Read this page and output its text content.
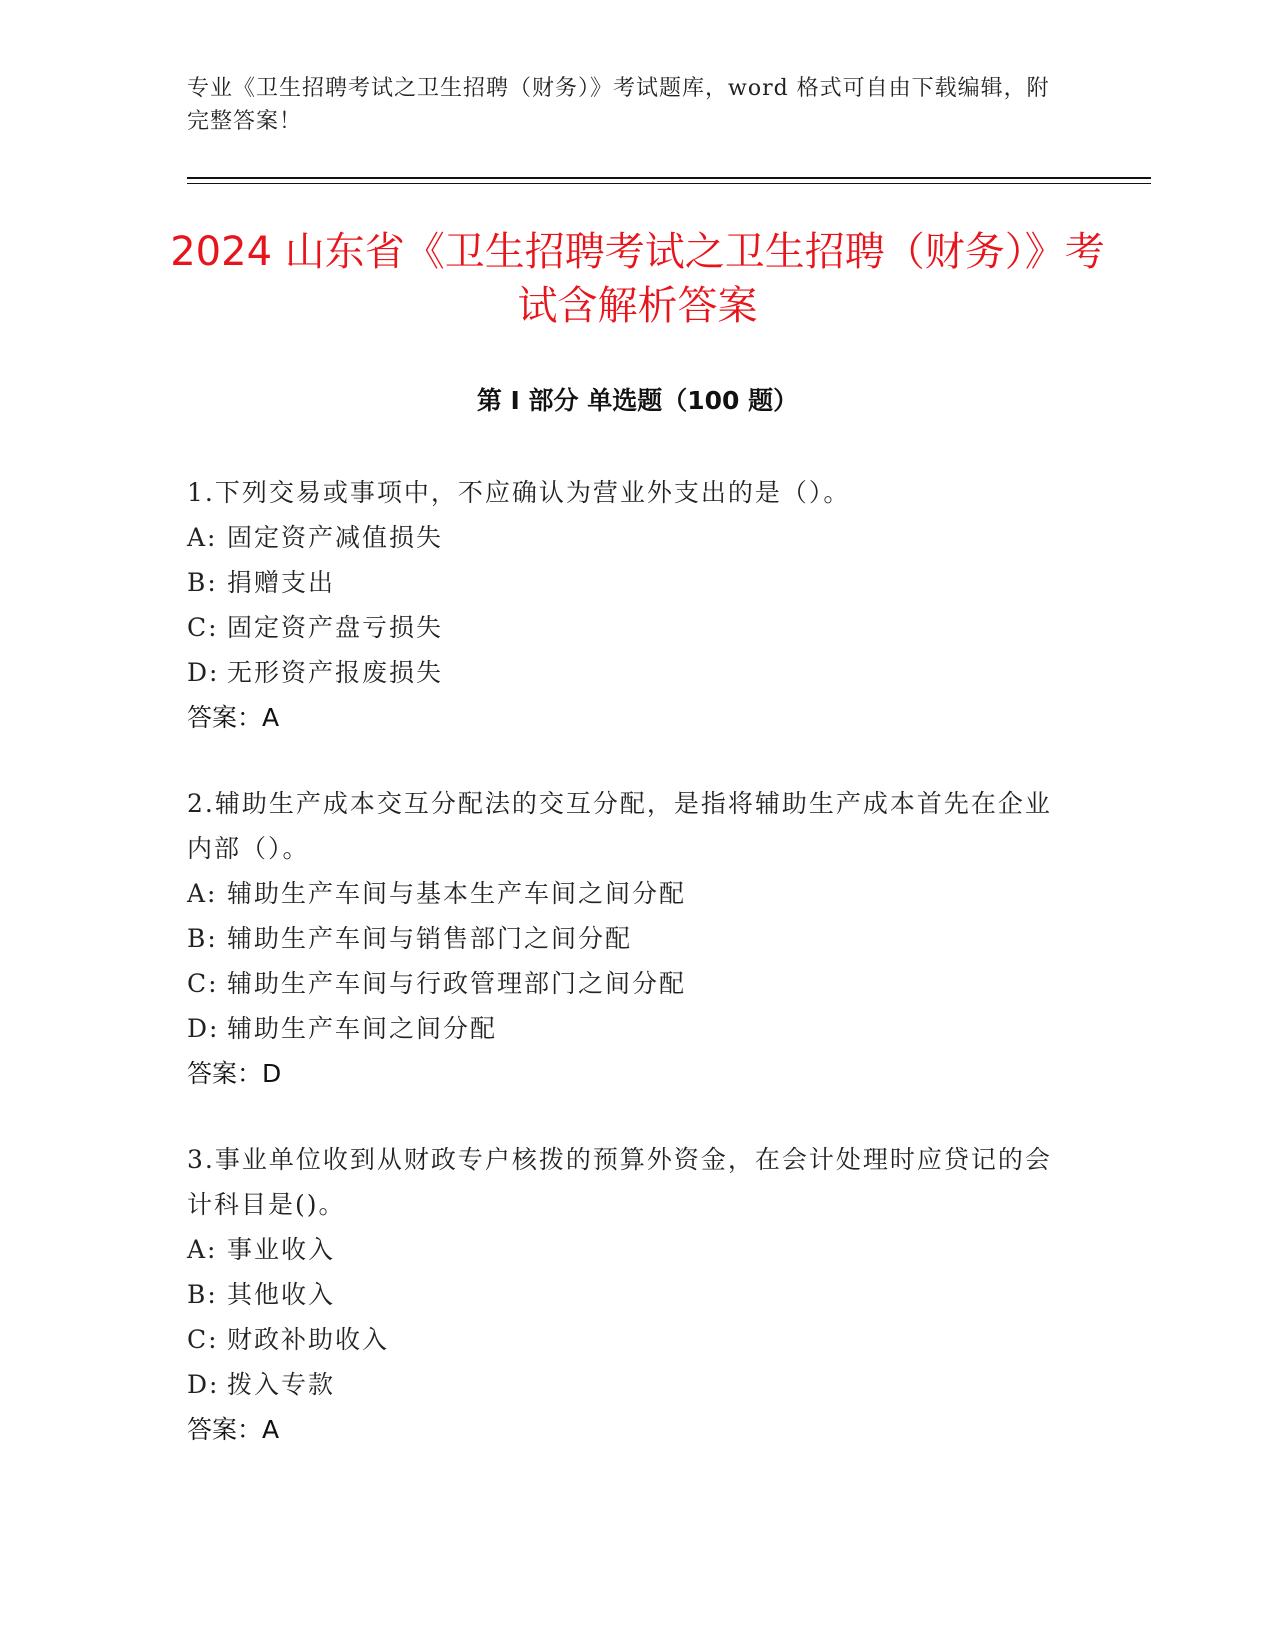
专业《卫生招聘考试之卫生招聘（财务）》考试题库，word 格式可自由下载编辑，附完整答案！
2024 山东省《卫生招聘考试之卫生招聘（财务）》考试含解析答案
第 I 部分 单选题（100 题）
1.下列交易或事项中，不应确认为营业外支出的是（）。
A: 固定资产减值损失
B: 捐赠支出
C: 固定资产盘亏损失
D: 无形资产报废损失
答案：A
2.辅助生产成本交互分配法的交互分配，是指将辅助生产成本首先在企业内部（）。
A: 辅助生产车间与基本生产车间之间分配
B: 辅助生产车间与销售部门之间分配
C: 辅助生产车间与行政管理部门之间分配
D: 辅助生产车间之间分配
答案：D
3.事业单位收到从财政专户核拨的预算外资金，在会计处理时应贷记的会计科目是()。
A: 事业收入
B: 其他收入
C: 财政补助收入
D: 拨入专款
答案：A
